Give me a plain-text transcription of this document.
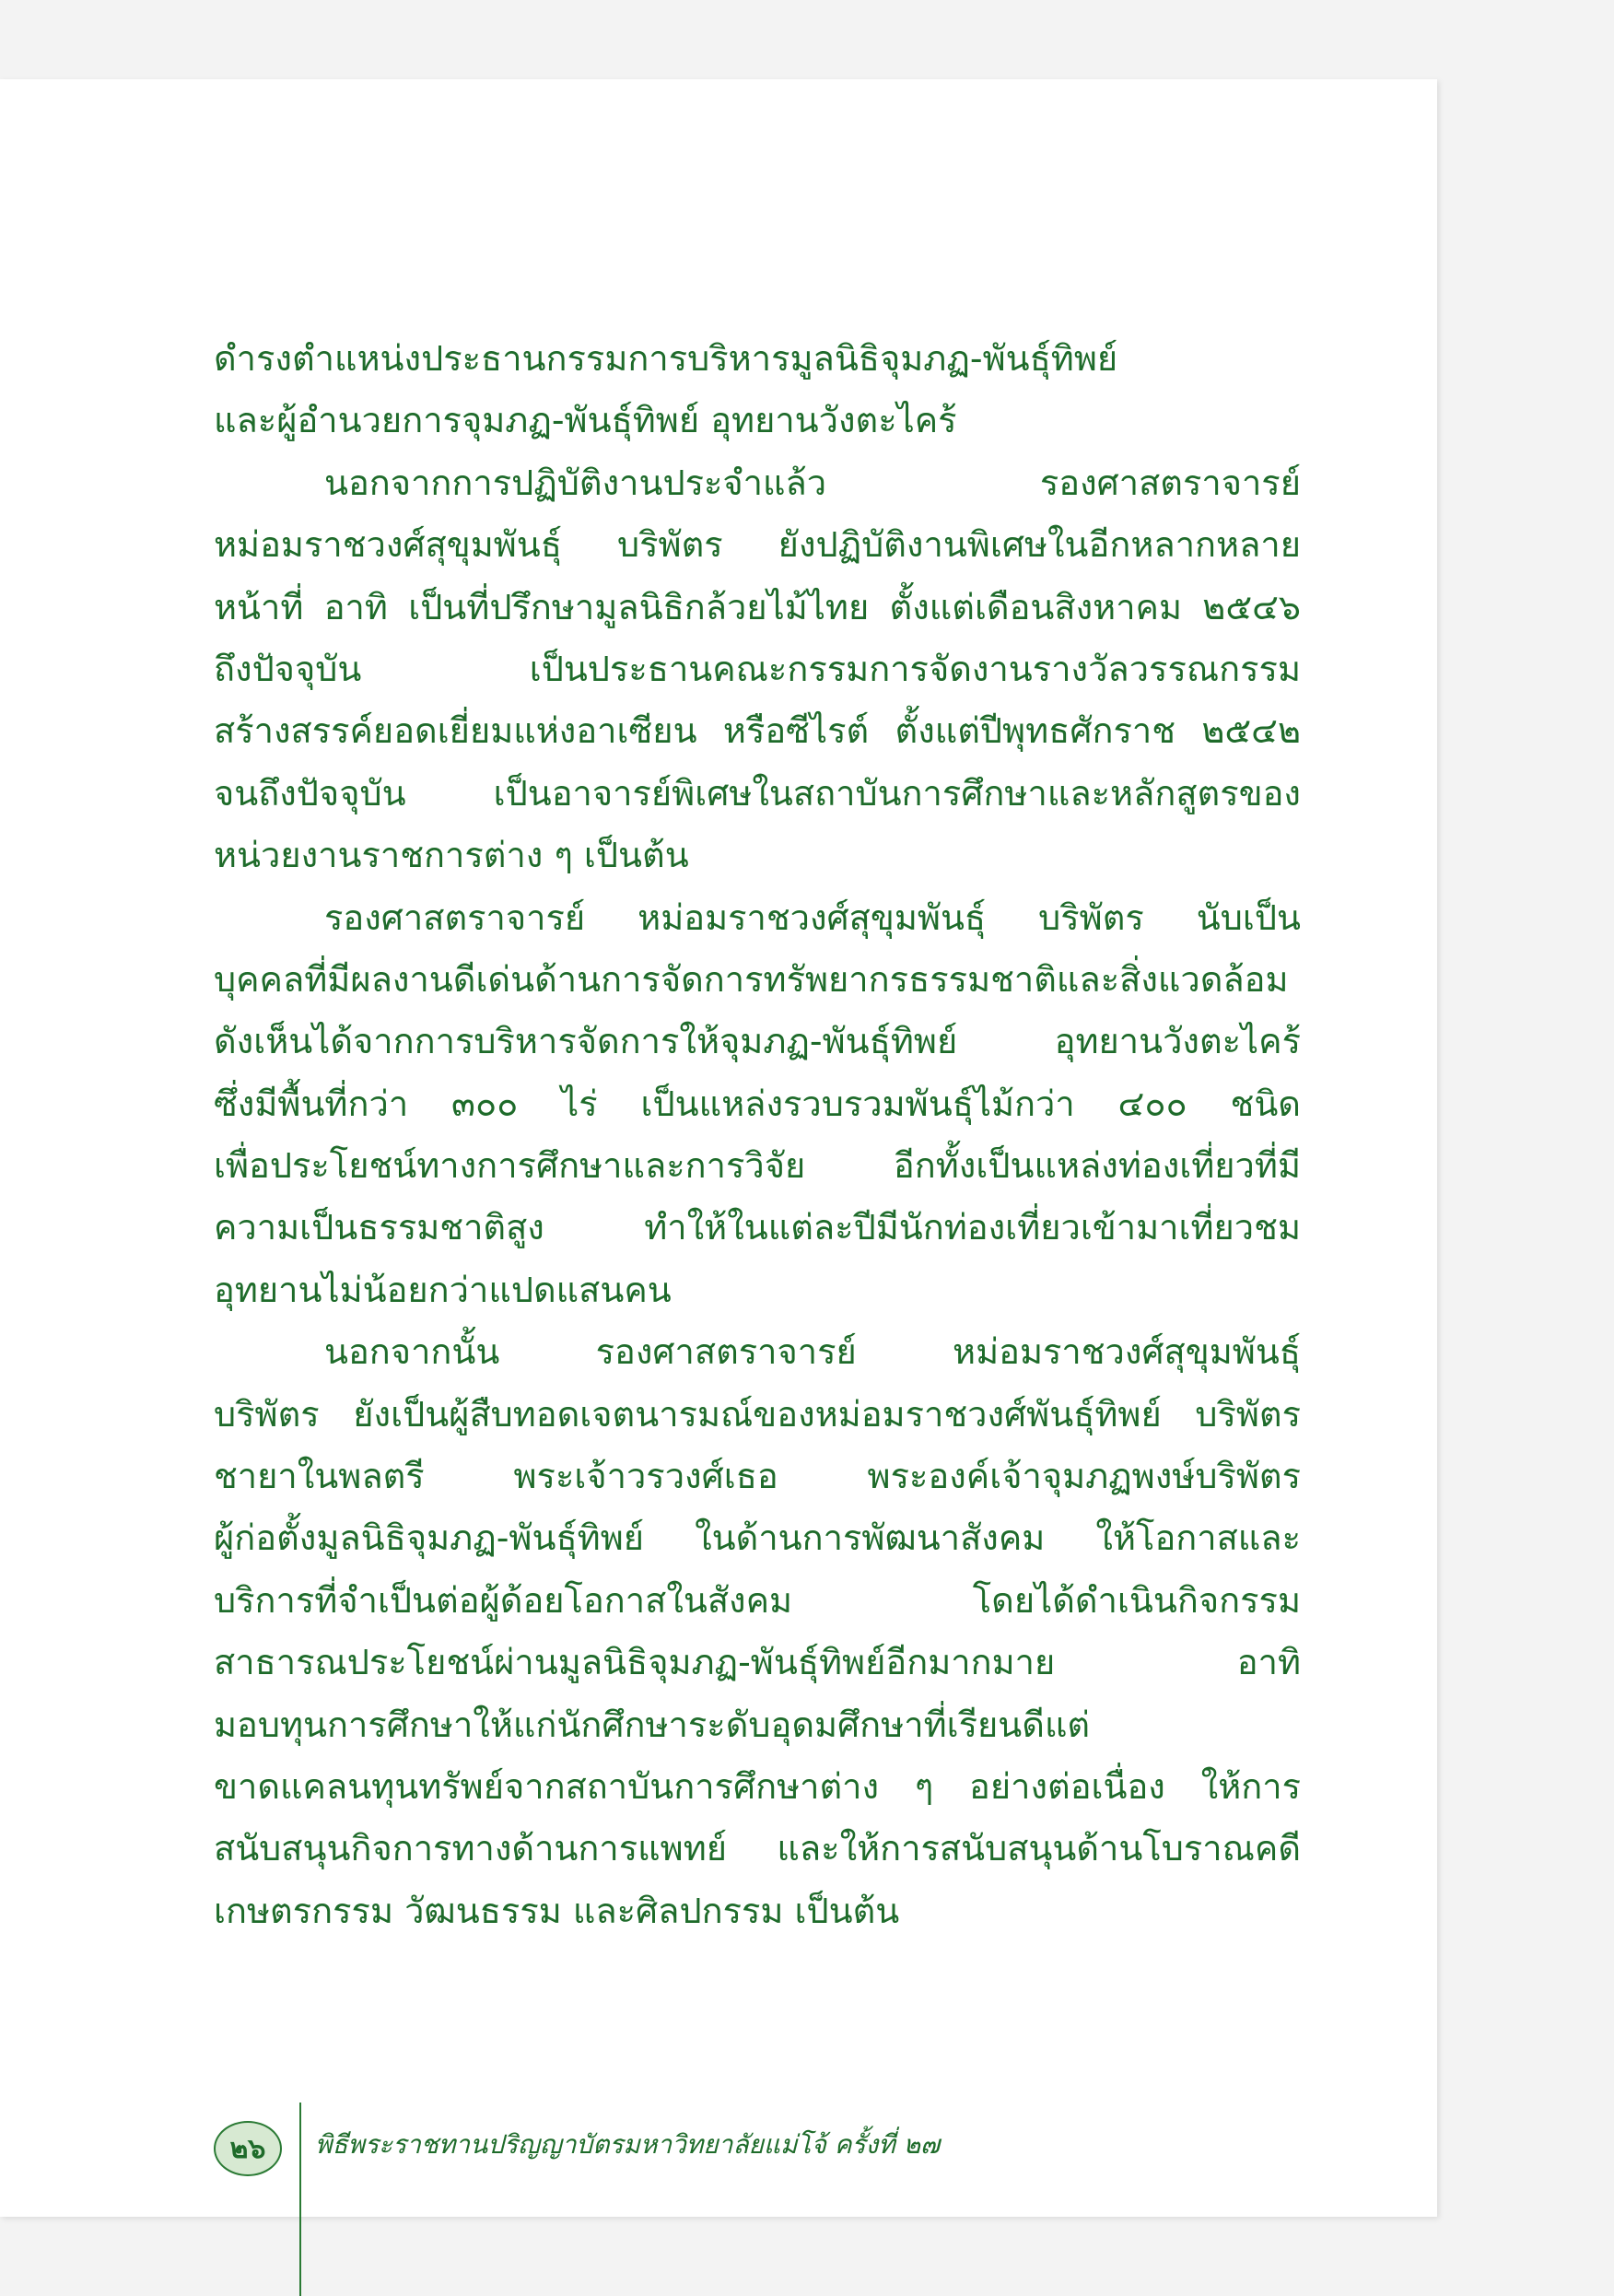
ดำรงตำแหน่งประธานกรรมการบริหารมูลนิธิจุมภฏ-พันธุ์ทิพย์
และผู้อำนวยการจุมภฏ-พันธุ์ทิพย์ อุทยานวังตะไคร้
นอกจากการปฏิบัติงานประจำแล้ว รองศาสตราจารย์
หม่อมราชวงศ์สุขุมพันธุ์ บริพัตร ยังปฏิบัติงานพิเศษในอีกหลากหลาย
หน้าที่ อาทิ เป็นที่ปรึกษามูลนิธิกล้วยไม้ไทย ตั้งแต่เดือนสิงหาคม ๒๕๔๖
ถึงปัจจุบัน เป็นประธานคณะกรรมการจัดงานรางวัลวรรณกรรม
สร้างสรรค์ยอดเยี่ยมแห่งอาเซียน หรือซีไรต์ ตั้งแต่ปีพุทธศักราช ๒๕๔๒
จนถึงปัจจุบัน เป็นอาจารย์พิเศษในสถาบันการศึกษาและหลักสูตรของ
หน่วยงานราชการต่าง ๆ เป็นต้น
รองศาสตราจารย์ หม่อมราชวงศ์สุขุมพันธุ์ บริพัตร นับเป็น
บุคคลที่มีผลงานดีเด่นด้านการจัดการทรัพยากรธรรมชาติและสิ่งแวดล้อม
ดังเห็นได้จากการบริหารจัดการให้จุมภฏ-พันธุ์ทิพย์ อุทยานวังตะไคร้
ซึ่งมีพื้นที่กว่า ๓๐๐ ไร่ เป็นแหล่งรวบรวมพันธุ์ไม้กว่า ๔๐๐ ชนิด
เพื่อประโยชน์ทางการศึกษาและการวิจัย อีกทั้งเป็นแหล่งท่องเที่ยวที่มี
ความเป็นธรรมชาติสูง ทำให้ในแต่ละปีมีนักท่องเที่ยวเข้ามาเที่ยวชม
อุทยานไม่น้อยกว่าแปดแสนคน
นอกจากนั้น รองศาสตราจารย์ หม่อมราชวงศ์สุขุมพันธุ์
บริพัตร ยังเป็นผู้สืบทอดเจตนารมณ์ของหม่อมราชวงศ์พันธุ์ทิพย์ บริพัตร
ชายาในพลตรี พระเจ้าวรวงศ์เธอ พระองค์เจ้าจุมภฏพงษ์บริพัตร
ผู้ก่อตั้งมูลนิธิจุมภฏ-พันธุ์ทิพย์ ในด้านการพัฒนาสังคม ให้โอกาสและ
บริการที่จำเป็นต่อผู้ด้อยโอกาสในสังคม โดยได้ดำเนินกิจกรรม
สาธารณประโยชน์ผ่านมูลนิธิจุมภฏ-พันธุ์ทิพย์อีกมากมาย อาทิ
มอบทุนการศึกษาให้แก่นักศึกษาระดับอุดมศึกษาที่เรียนดีแต่
ขาดแคลนทุนทรัพย์จากสถาบันการศึกษาต่าง ๆ อย่างต่อเนื่อง ให้การ
สนับสนุนกิจการทางด้านการแพทย์ และให้การสนับสนุนด้านโบราณคดี
เกษตรกรรม วัฒนธรรม และศิลปกรรม เป็นต้น
๒๖ พิธีพระราชทานปริญญาบัตรมหาวิทยาลัยแม่โจ้ ครั้งที่ ๒๗
